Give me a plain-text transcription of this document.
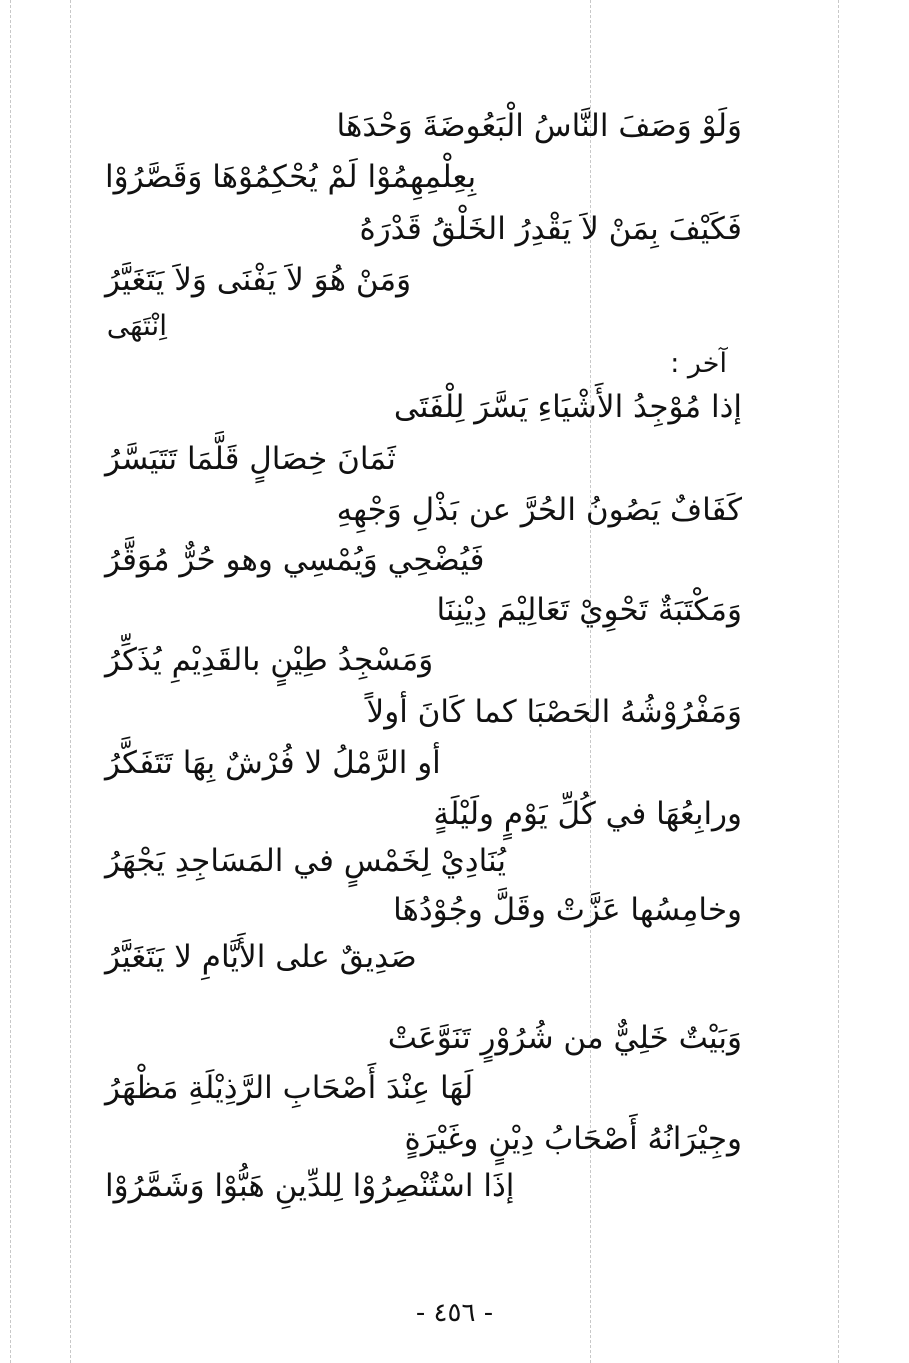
وَلَوْ وَصَفَ النَّاسُ الْبَعُوضَةَ وَحْدَهَا
بِعِلْمِهِمُوْا لَمْ يُحْكِمُوْهَا وَقَصَّرُوْا
فَكَيْفَ بِمَنْ لاَ يَقْدِرُ الخَلْقُ قَدْرَهُ
وَمَنْ هُوَ لاَ يَفْنَى وَلاَ يَتَغَيَّرُ
اِنْتَهَى
آخر :
إذا مُوْجِدُ الأَشْيَاءِ يَسَّرَ لِلْفَتَى
ثَمَانَ خِصَالٍ قَلَّمَا تَتَيَسَّرُ
كَفَافٌ يَصُونُ الحُرَّ عن بَذْلِ وَجْهِهِ
فَيُضْحِي وَيُمْسِي وهو حُرٌّ مُوَقَّرُ
وَمَكْتَبَةٌ تَحْوِيْ تَعَالِيْمَ دِيْنِنَا
وَمَسْجِدُ طِيْنٍ بالقَدِيْمِ يُذَكِّرُ
وَمَفْرُوْشُهُ الحَصْبَا كما كَانَ أولاً
أو الرَّمْلُ لا فُرْشٌ بِهَا تَتَفَكَّرُ
ورابِعُهَا في كُلِّ يَوْمٍ ولَيْلَةٍ
يُنَادِيْ لِخَمْسٍ في المَسَاجِدِ يَجْهَرُ
وخامِسُها عَزَّتْ وقَلَّ وجُوْدُهَا
صَدِيقٌ على الأَيَّامِ لا يَتَغَيَّرُ
وَبَيْتٌ خَلِيٌّ من شُرُوْرٍ تَنَوَّعَتْ
لَهَا عِنْدَ أَصْحَابِ الرَّذِيْلَةِ مَظْهَرُ
وجِيْرَانُهُ أَصْحَابُ دِيْنٍ وغَيْرَةٍ
إذَا اسْتُنْصِرُوْا لِلدِّينِ هَبُّوْا وَشَمَّرُوْا
- ٤٥٦ -
